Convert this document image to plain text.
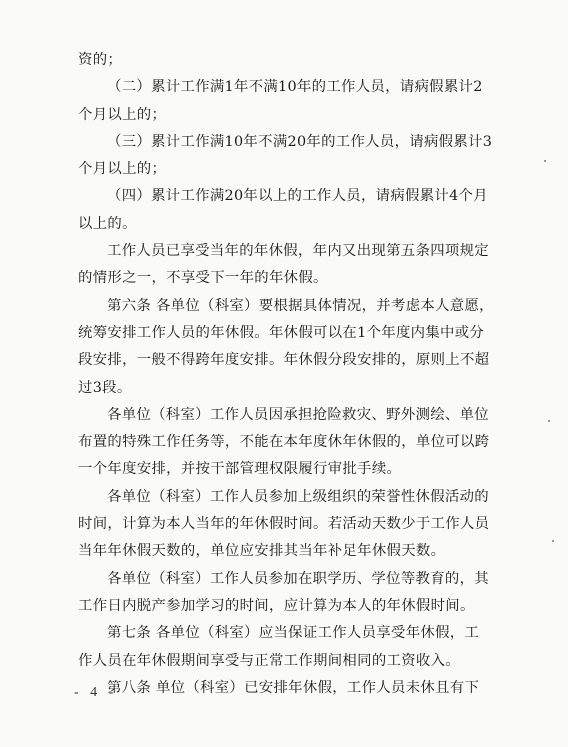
资的；
（二）累计工作满1年不满10年的工作人员，请病假累计2
个月以上的；
（三）累计工作满10年不满20年的工作人员，请病假累计3
个月以上的；
（四）累计工作满20年以上的工作人员，请病假累计4个月
以上的。
工作人员已享受当年的年休假，年内又出现第五条四项规定
的情形之一，不享受下一年的年休假。
第六条 各单位（科室）要根据具体情况，并考虑本人意愿，
统筹安排工作人员的年休假。年休假可以在1个年度内集中或分
段安排，一般不得跨年度安排。年休假分段安排的，原则上不超
过3段。
各单位（科室）工作人员因承担抢险救灾、野外测绘、单位
布置的特殊工作任务等，不能在本年度休年休假的，单位可以跨
一个年度安排，并按干部管理权限履行审批手续。
各单位（科室）工作人员参加上级组织的荣誉性休假活动的
时间，计算为本人当年的年休假时间。若活动天数少于工作人员
当年年休假天数的，单位应安排其当年补足年休假天数。
各单位（科室）工作人员参加在职学历、学位等教育的，其
工作日内脱产参加学习的时间，应计算为本人的年休假时间。
第七条 各单位（科室）应当保证工作人员享受年休假，工
作人员在年休假期间享受与正常工作期间相同的工资收入。
第八条 单位（科室）已安排年休假，工作人员未休且有下
- 4 -
